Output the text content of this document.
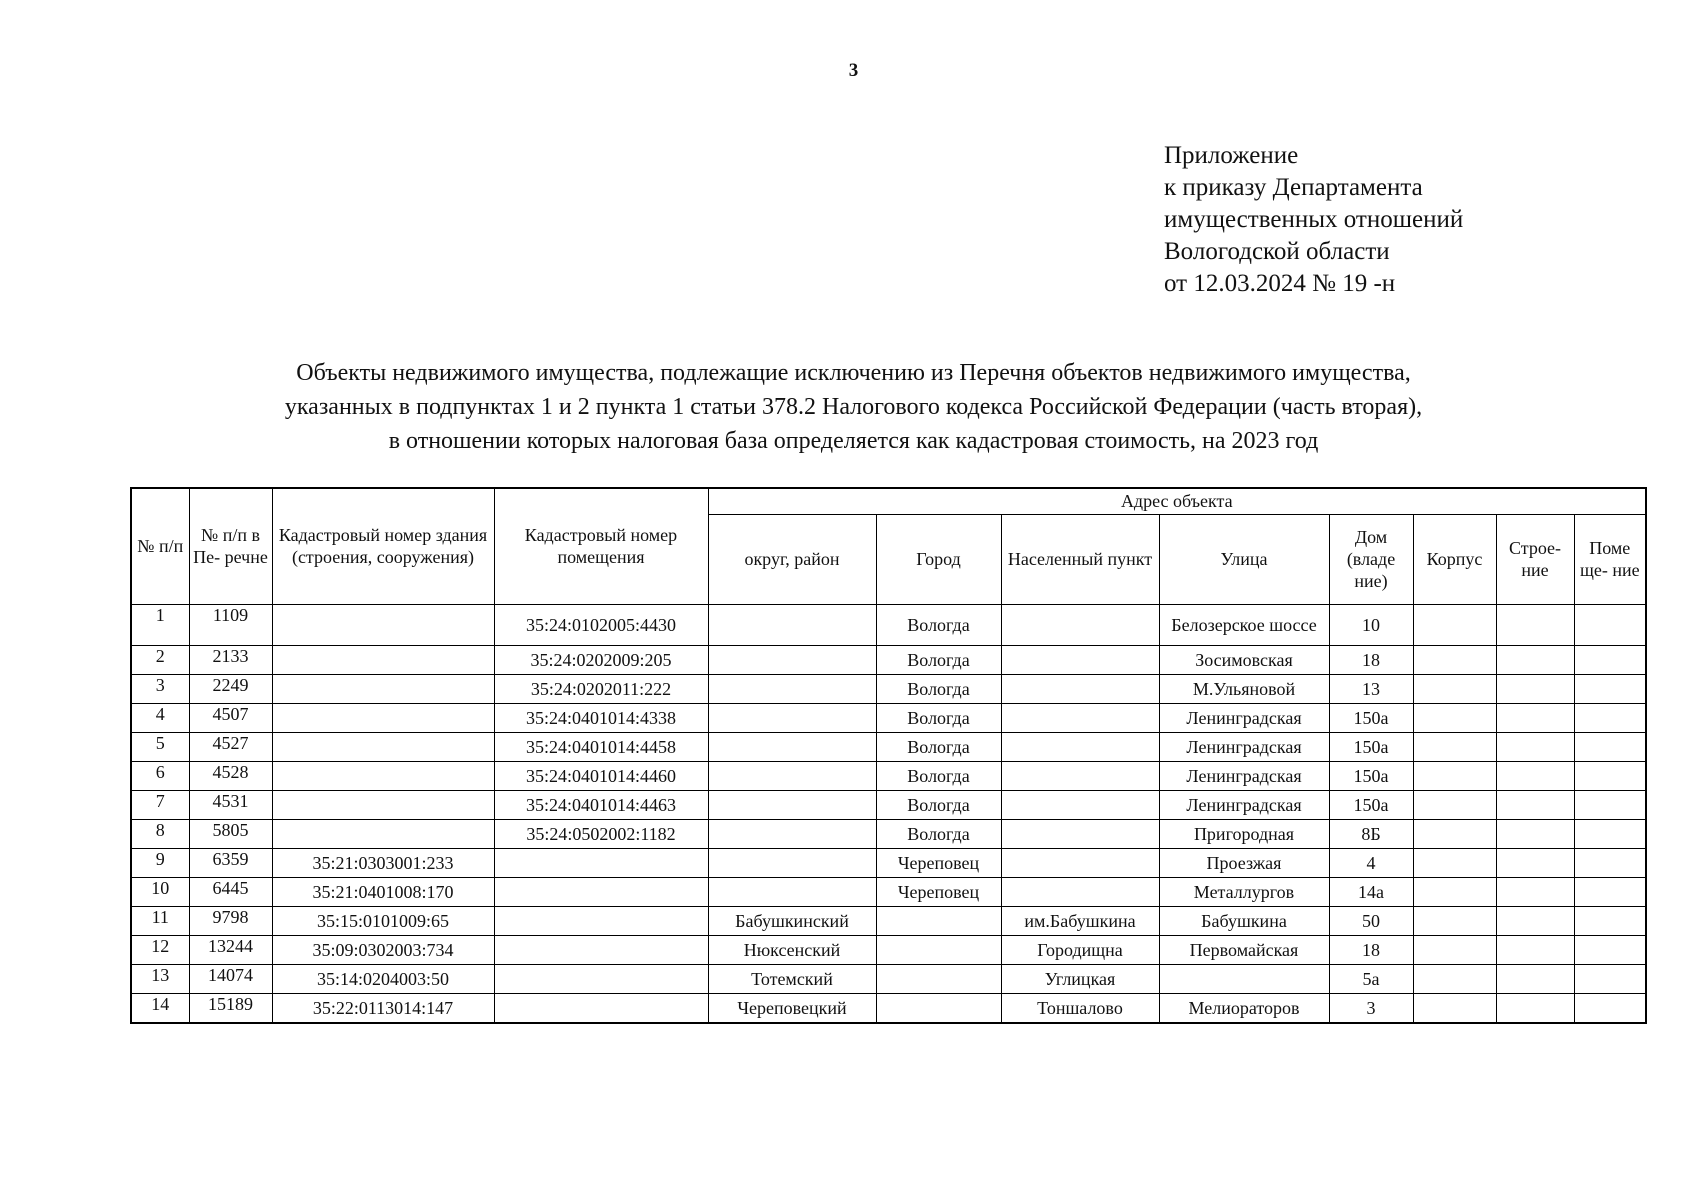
3
Приложение
к приказу Департамента
имущественных отношений
Вологодской области
от 12.03.2024 № 19 -н
Объекты недвижимого имущества, подлежащие исключению из Перечня объектов недвижимого имущества,
указанных в подпунктах 1 и 2 пункта 1 статьи 378.2 Налогового кодекса Российской Федерации (часть вторая),
в отношении которых налоговая база определяется как кадастровая стоимость, на 2023 год
№ п/п	№ п/п в Пе- речне	Кадастровый номер здания (строения, сооружения)	Кадастровый номер помещения	Адрес объекта							
				округ, район	Город	Населенный пункт	Улица	Дом (владе ние)	Корпус	Строе- ние	Поме ще- ние
1	1109		35:24:0102005:4430		Вологда		Белозерское шоссе	10			
2	2133		35:24:0202009:205		Вологда		Зосимовская	18			
3	2249		35:24:0202011:222		Вологда		М.Ульяновой	13			
4	4507		35:24:0401014:4338		Вологда		Ленинградская	150а			
5	4527		35:24:0401014:4458		Вологда		Ленинградская	150а			
6	4528		35:24:0401014:4460		Вологда		Ленинградская	150а			
7	4531		35:24:0401014:4463		Вологда		Ленинградская	150а			
8	5805		35:24:0502002:1182		Вологда		Пригородная	8Б			
9	6359	35:21:0303001:233			Череповец		Проезжая	4			
10	6445	35:21:0401008:170			Череповец		Металлургов	14а			
11	9798	35:15:0101009:65		Бабушкинский		им.Бабушкина	Бабушкина	50			
12	13244	35:09:0302003:734		Нюксенский		Городищна	Первомайская	18			
13	14074	35:14:0204003:50		Тотемский		Углицкая		5а			
14	15189	35:22:0113014:147		Череповецкий		Тоншалово	Мелиораторов	3			
